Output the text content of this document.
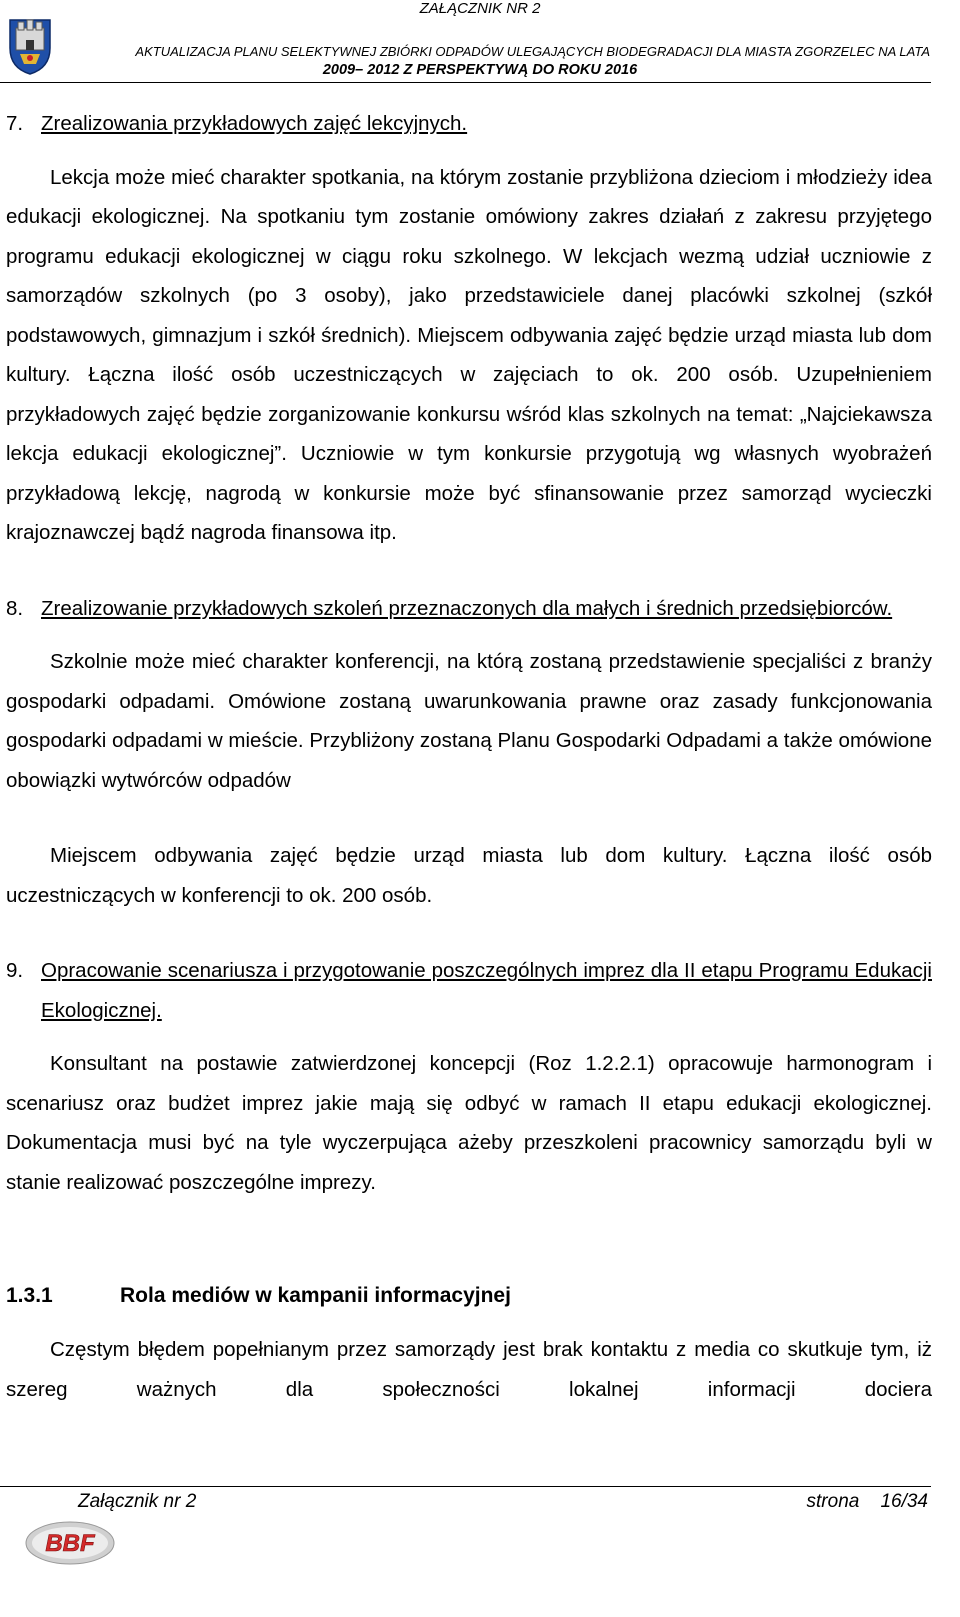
ZAŁĄCZNIK NR 2
AKTUALIZACJA PLANU SELEKTYWNEJ ZBIÓRKI ODPADÓW ULEGAJĄCYCH BIODEGRADACJI DLA MIASTA ZGORZELEC NA LATA
2009– 2012 Z PERSPEKTYWĄ DO ROKU 2016
7. Zrealizowania przykładowych zajęć lekcyjnych.

Lekcja może mieć charakter spotkania, na którym zostanie przybliżona dzieciom i młodzieży idea edukacji ekologicznej. Na spotkaniu tym zostanie omówiony zakres działań z zakresu przyjętego programu edukacji ekologicznej w ciągu roku szkolnego. W lekcjach wezmą udział uczniowie z samorządów szkolnych (po 3 osoby), jako przedstawiciele danej placówki szkolnej (szkół podstawowych, gimnazjum i szkół średnich). Miejscem odbywania zajęć będzie urząd miasta lub dom kultury. Łączna ilość osób uczestniczących w zajęciach to ok. 200 osób. Uzupełnieniem przykładowych zajęć będzie zorganizowanie konkursu wśród klas szkolnych na temat: „Najciekawsza lekcja edukacji ekologicznej”. Uczniowie w tym konkursie przygotują wg własnych wyobrażeń przykładową lekcję, nagrodą w konkursie może być sfinansowanie przez samorząd wycieczki krajoznawczej bądź nagroda finansowa itp.

8. Zrealizowanie przykładowych szkoleń przeznaczonych dla małych i średnich przedsiębiorców.

Szkolnie może mieć charakter konferencji, na którą zostaną przedstawienie specjaliści z branży gospodarki odpadami. Omówione zostaną uwarunkowania prawne oraz zasady funkcjonowania gospodarki odpadami w mieście. Przybliżony zostaną Planu Gospodarki Odpadami a także omówione obowiązki wytwórców odpadów

Miejscem odbywania zajęć będzie urząd miasta lub dom kultury. Łączna ilość osób uczestniczących w konferencji to ok. 200 osób.

9. Opracowanie scenariusza i przygotowanie poszczególnych imprez dla II etapu Programu Edukacji Ekologicznej.

Konsultant na postawie zatwierdzonej koncepcji (Roz 1.2.2.1) opracowuje harmonogram i scenariusz oraz budżet imprez jakie mają się odbyć w ramach II etapu edukacji ekologicznej. Dokumentacja musi być na tyle wyczerpująca ażeby przeszkoleni pracownicy samorządu byli w stanie realizować poszczególne imprezy.

1.3.1	Rola mediów w kampanii informacyjnej

Częstym błędem popełnianym przez samorządy jest brak kontaktu z media co skutkuje tym, iż szereg ważnych dla społeczności lokalnej informacji dociera

Załącznik nr 2	strona 16/34
BBF
